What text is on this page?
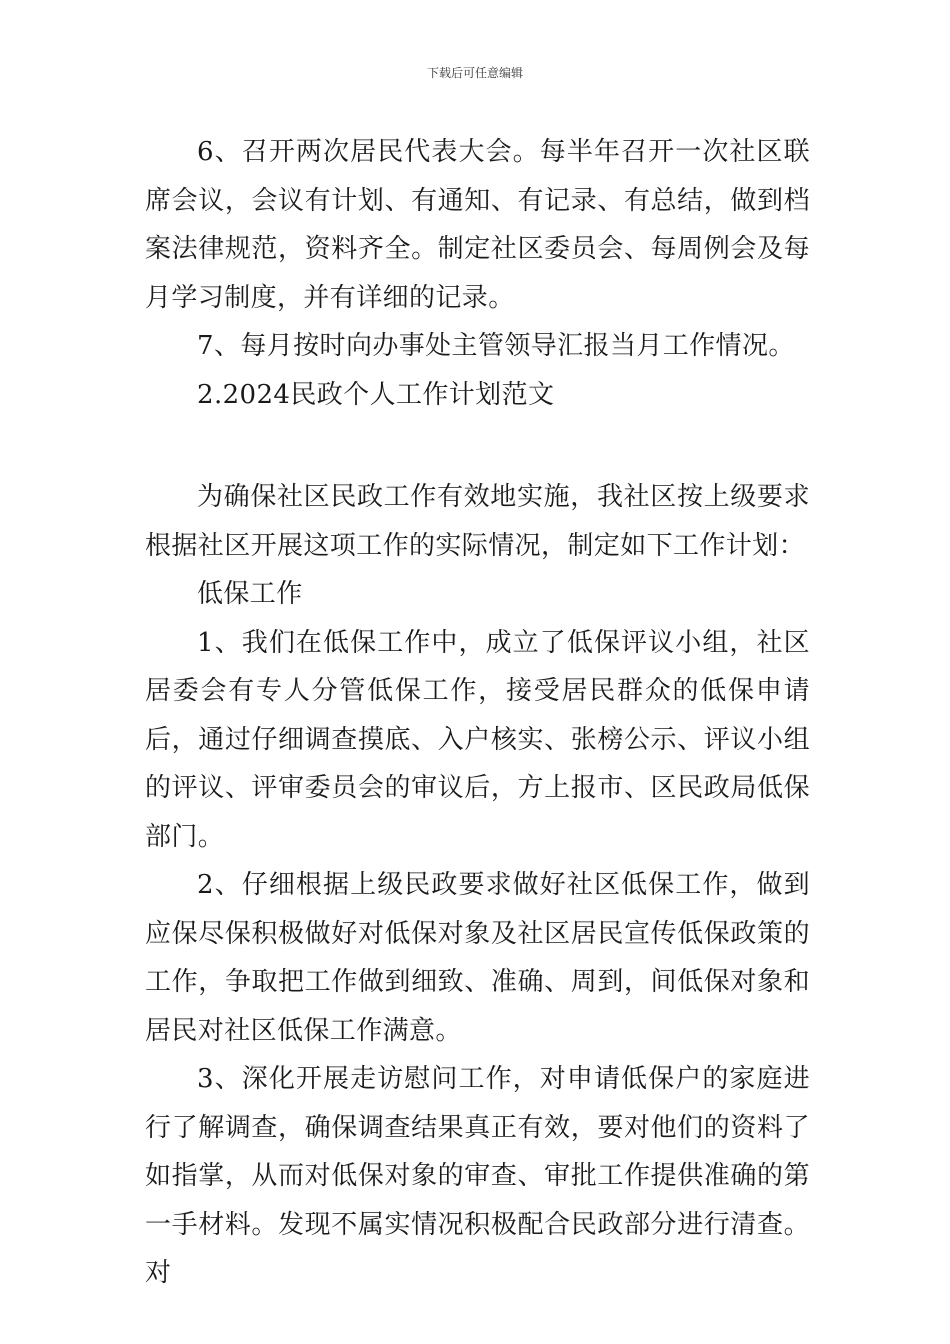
下载后可任意编辑

6、召开两次居民代表大会。每半年召开一次社区联席会议，会议有计划、有通知、有记录、有总结，做到档案法律规范，资料齐全。制定社区委员会、每周例会及每月学习制度，并有详细的记录。

7、每月按时向办事处主管领导汇报当月工作情况。

2.2024民政个人工作计划范文

为确保社区民政工作有效地实施，我社区按上级要求根据社区开展这项工作的实际情况，制定如下工作计划：

低保工作

1、我们在低保工作中，成立了低保评议小组，社区居委会有专人分管低保工作，接受居民群众的低保申请后，通过仔细调查摸底、入户核实、张榜公示、评议小组的评议、评审委员会的审议后，方上报市、区民政局低保部门。

2、仔细根据上级民政要求做好社区低保工作，做到应保尽保积极做好对低保对象及社区居民宣传低保政策的工作，争取把工作做到细致、准确、周到，间低保对象和居民对社区低保工作满意。

3、深化开展走访慰问工作，对申请低保户的家庭进行了解调查，确保调查结果真正有效，要对他们的资料了如指掌，从而对低保对象的审查、审批工作提供准确的第一手材料。发现不属实情况积极配合民政部分进行清查。对
